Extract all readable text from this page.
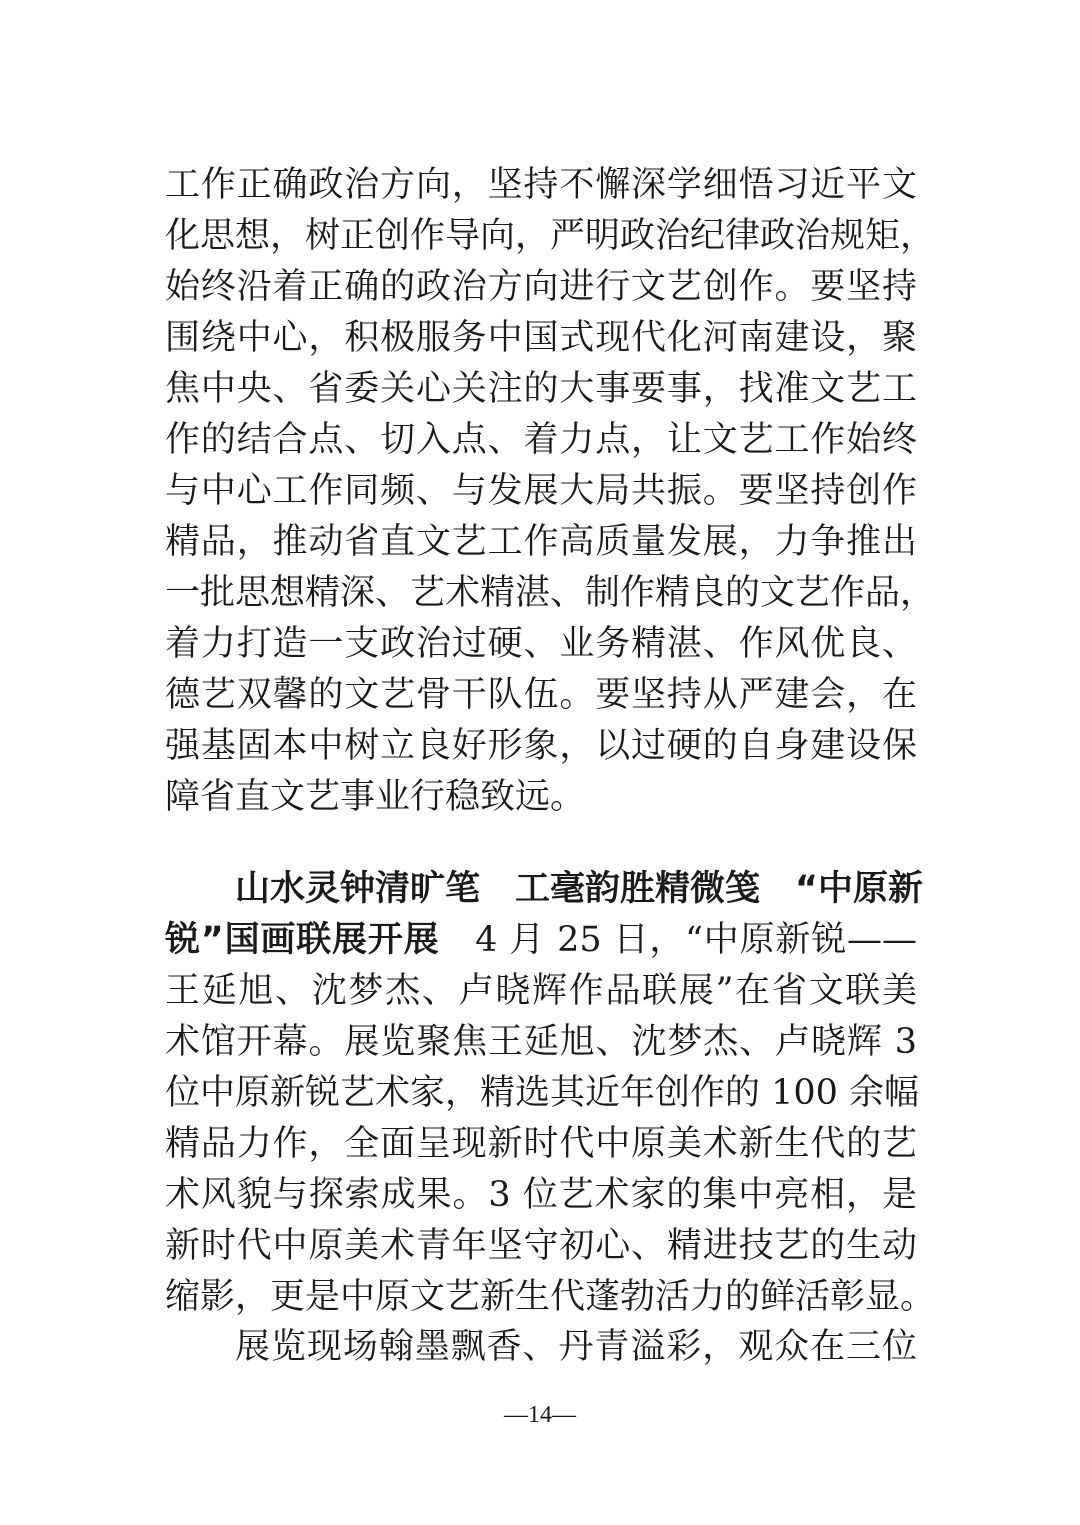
工作正确政治方向，坚持不懈深学细悟习近平文
化思想，树正创作导向，严明政治纪律政治规矩，
始终沿着正确的政治方向进行文艺创作。要坚持
围绕中心，积极服务中国式现代化河南建设，聚
焦中央、省委关心关注的大事要事，找准文艺工
作的结合点、切入点、着力点，让文艺工作始终
与中心工作同频、与发展大局共振。要坚持创作
精品，推动省直文艺工作高质量发展，力争推出
一批思想精深、艺术精湛、制作精良的文艺作品，
着力打造一支政治过硬、业务精湛、作风优良、
德艺双馨的文艺骨干队伍。要坚持从严建会，在
强基固本中树立良好形象，以过硬的自身建设保
障省直文艺事业行稳致远。
山水灵钟清旷笔　工毫韵胜精微笺　“中原新
锐”国画联展开展　4 月 25 日，“中原新锐——
王延旭、沈梦杰、卢晓辉作品联展”在省文联美
术馆开幕。展览聚焦王延旭、沈梦杰、卢晓辉 3
位中原新锐艺术家，精选其近年创作的 100 余幅
精品力作，全面呈现新时代中原美术新生代的艺
术风貌与探索成果。3 位艺术家的集中亮相，是
新时代中原美术青年坚守初心、精进技艺的生动
缩影，更是中原文艺新生代蓬勃活力的鲜活彰显。
展览现场翰墨飘香、丹青溢彩，观众在三位
—14—
